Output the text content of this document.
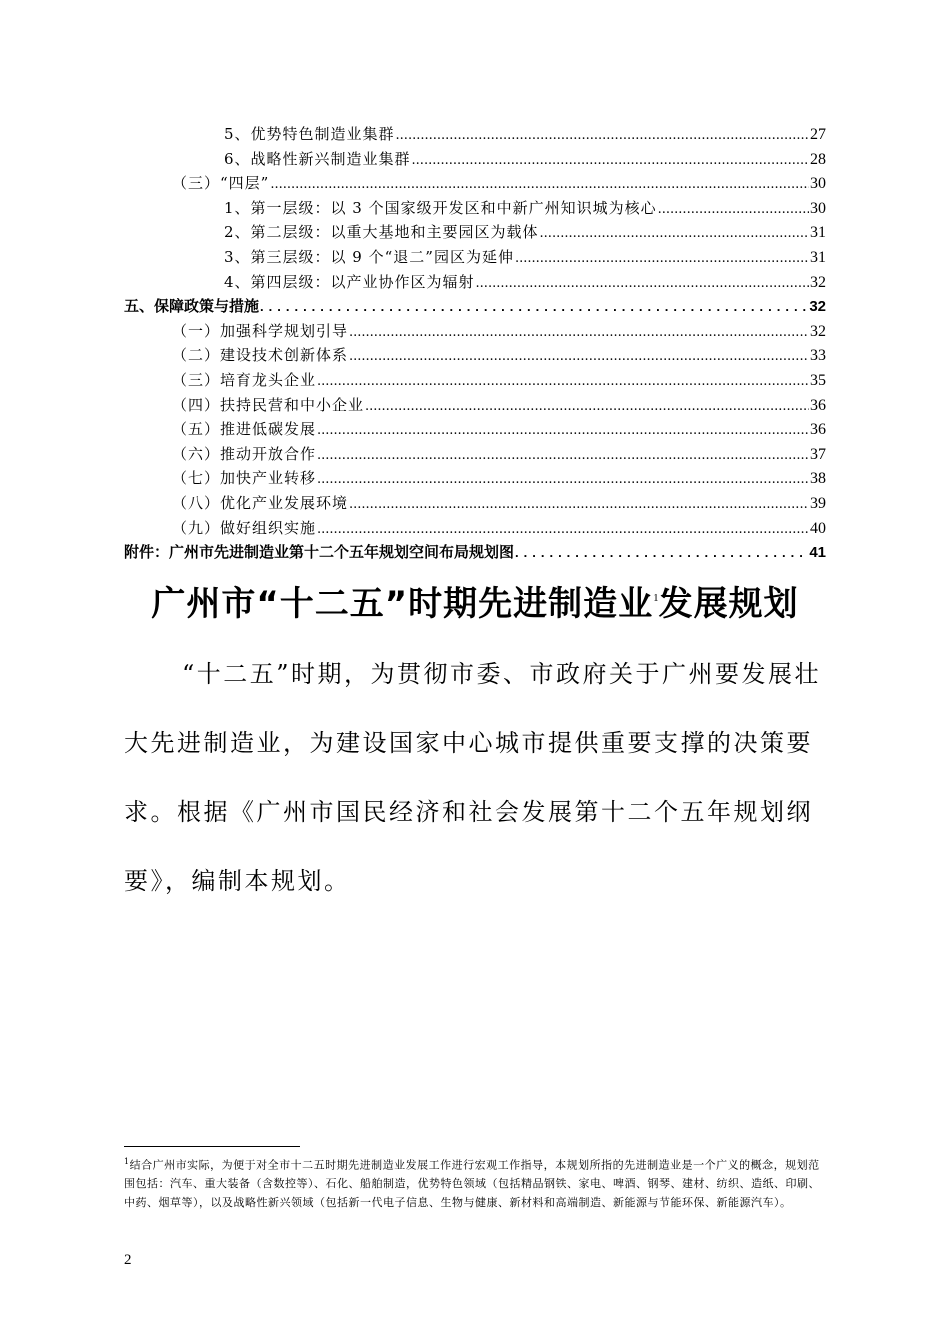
5、优势特色制造业集群 .....	27
6、战略性新兴制造业集群 .....	28
（三）“四层” .....	30
1、第一层级：以 3 个国家级开发区和中新广州知识城为核心 .....	30
2、第二层级：以重大基地和主要园区为载体 .....	31
3、第三层级：以 9 个“退二”园区为延伸 .....	31
4、第四层级：以产业协作区为辐射 .....	32
五、保障政策与措施 .....	32
（一）加强科学规划引导 .....	32
（二）建设技术创新体系 .....	33
（三）培育龙头企业 .....	35
（四）扶持民营和中小企业 .....	36
（五）推进低碳发展 .....	36
（六）推动开放合作 .....	37
（七）加快产业转移 .....	38
（八）优化产业发展环境 .....	39
（九）做好组织实施 .....	40
附件：广州市先进制造业第十二个五年规划空间布局规划图 .....	41
广州市“十二五”时期先进制造业$^1$发展规划

“十二五”时期，为贯彻市委、市政府关于广州要发展壮大先进制造业，为建设国家中心城市提供重要支撑的决策要求。根据《广州市国民经济和社会发展第十二个五年规划纲要》，编制本规划。

$^1$结合广州市实际，为便于对全市十二五时期先进制造业发展工作进行宏观工作指导，本规划所指的先进制造业是一个广义的概念，规划范围包括：汽车、重大装备（含数控等）、石化、船舶制造，优势特色领域（包括精品钢铁、家电、啤酒、钢琴、建材、纺织、造纸、印刷、中药、烟草等），以及战略性新兴领域（包括新一代电子信息、生物与健康、新材料和高端制造、新能源与节能环保、新能源汽车）。
2
